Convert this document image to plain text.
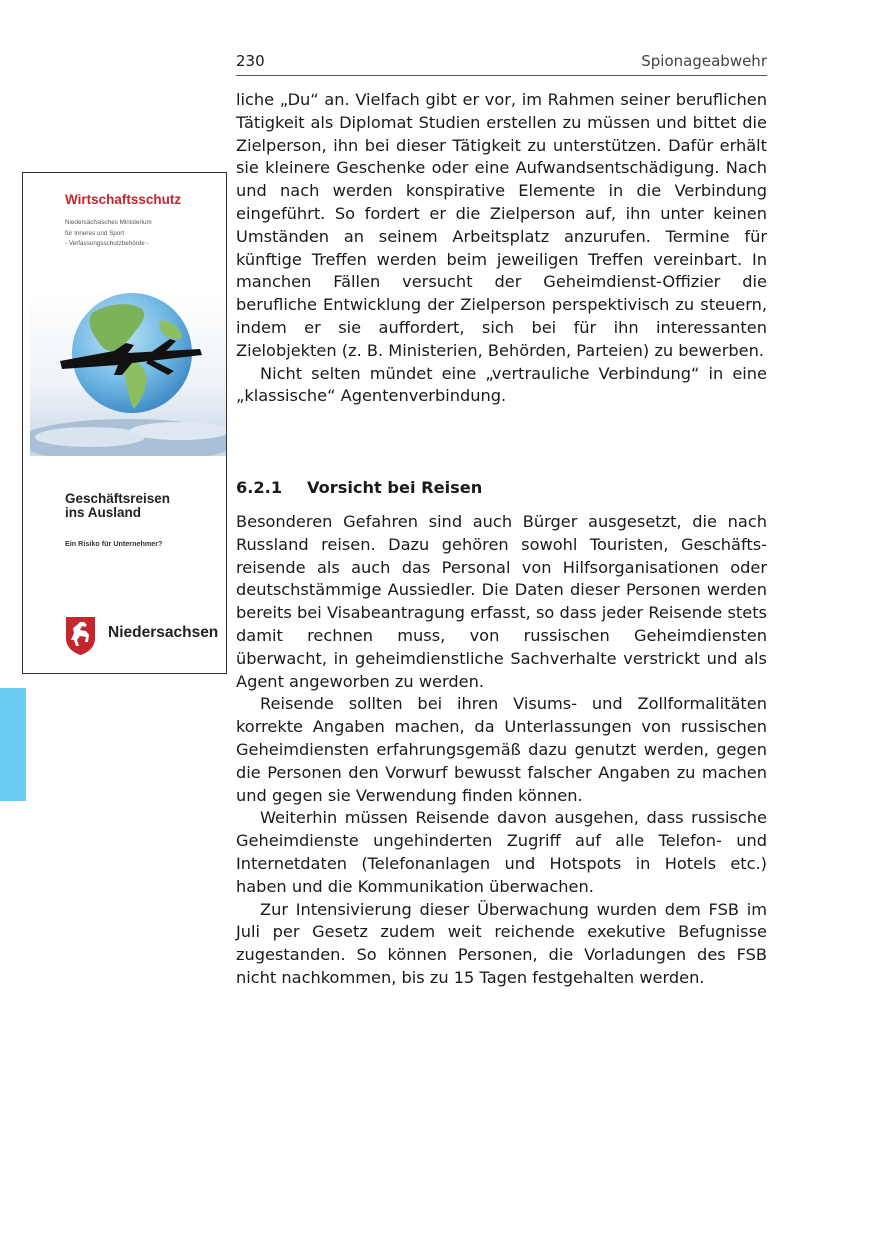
230	Spionageabwehr
Wirtschaftsschutz
Niedersächsisches Ministerium
für Inneres und Sport
- Verfassungsschutzbehörde -
Geschäftsreisen
ins Ausland
Ein Risiko für Unternehmer?
Niedersachsen

liche „Du“ an. Vielfach gibt er vor, im Rahmen seiner beruflichen Tätigkeit als Diplomat Studien erstellen zu müssen und bittet die Zielperson, ihn bei dieser Tätigkeit zu unterstützen. Dafür erhält sie kleinere Geschenke oder eine Aufwandsentschädigung. Nach und nach werden konspirative Elemente in die Verbindung eingeführt. So fordert er die Zielperson auf, ihn unter keinen Umständen an seinem Arbeitsplatz anzurufen. Termine für künftige Treffen werden beim jeweiligen Treffen vereinbart. In manchen Fällen versucht der Geheimdienst-Offizier die berufliche Entwicklung der Zielperson perspektivisch zu steuern, indem er sie auffordert, sich bei für ihn interessanten Zielobjekten (z. B. Ministerien, Behörden, Parteien) zu bewerben.

Nicht selten mündet eine „vertrauliche Verbindung“ in eine „klassische“ Agentenverbindung.

6.2.1 Vorsicht bei Reisen

Besonderen Gefahren sind auch Bürger ausgesetzt, die nach Russland reisen. Dazu gehören sowohl Touristen, Geschäftsreisende als auch das Personal von Hilfsorganisationen oder deutschstämmige Aussiedler. Die Daten dieser Personen werden bereits bei Visabeantragung erfasst, so dass jeder Reisende stets damit rechnen muss, von russischen Geheimdiensten überwacht, in geheimdienstliche Sachverhalte verstrickt und als Agent angeworben zu werden.

Reisende sollten bei ihren Visums- und Zollformalitäten korrekte Angaben machen, da Unterlassungen von russischen Geheimdiensten erfahrungsgemäß dazu genutzt werden, gegen die Personen den Vorwurf bewusst falscher Angaben zu machen und gegen sie Verwendung finden können.

Weiterhin müssen Reisende davon ausgehen, dass russische Geheimdienste ungehinderten Zugriff auf alle Telefon- und Internetdaten (Telefonanlagen und Hotspots in Hotels etc.) haben und die Kommunikation überwachen.

Zur Intensivierung dieser Überwachung wurden dem FSB im Juli per Gesetz zudem weit reichende exekutive Befugnisse zugestanden. So können Personen, die Vorladungen des FSB nicht nachkommen, bis zu 15 Tagen festgehalten werden.
